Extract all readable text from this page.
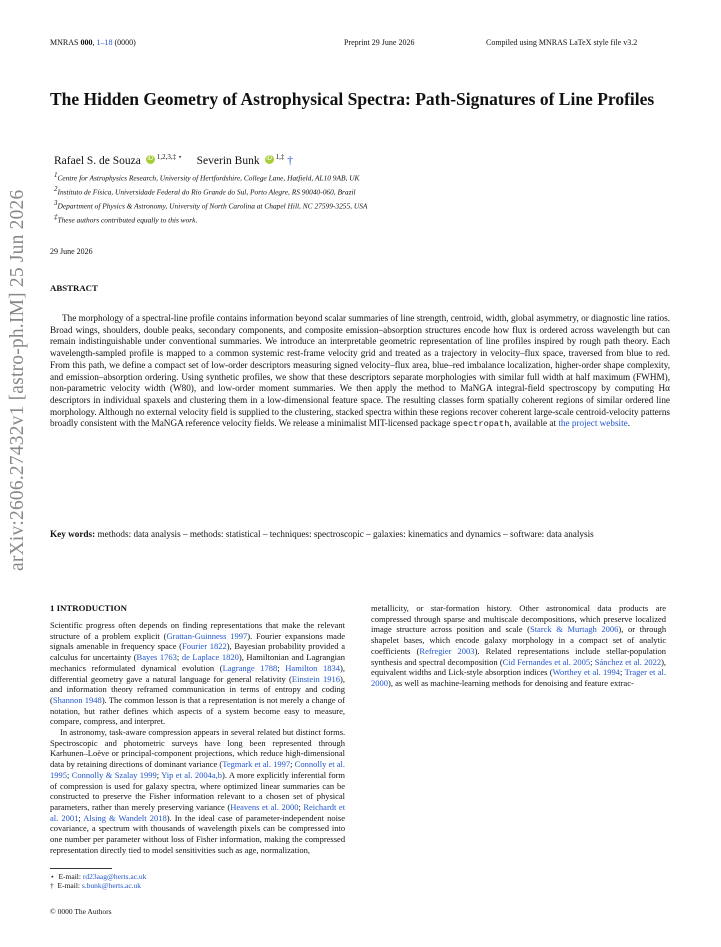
MNRAS 000, 1–18 (0000)	Preprint 29 June 2026	Compiled using MNRAS LaTeX style file v3.2
arXiv:2606.27432v1 [astro-ph.IM] 25 Jun 2026
The Hidden Geometry of Astrophysical Spectra: Path-Signatures of Line Profiles
Rafael S. de Souza iD $^{1,2,3,\ddagger ⋆}$ Severin Bunk iD $^{1,\ddagger}$ †
$^1$Centre for Astrophysics Research, University of Hertfordshire, College Lane, Hatfield, AL10 9AB, UK
$^2$Instituto de Física, Universidade Federal do Rio Grande do Sul, Porto Alegre, RS 90040-060, Brazil
$^3$Department of Physics & Astronomy, University of North Carolina at Chapel Hill, NC 27599-3255, USA
‡These authors contributed equally to this work.
29 June 2026
ABSTRACT

The morphology of a spectral-line profile contains information beyond scalar summaries of line strength, centroid, width, global asymmetry, or diagnostic line ratios. Broad wings, shoulders, double peaks, secondary components, and composite emission–absorption structures encode how flux is ordered across wavelength but can remain indistinguishable under conventional summaries. We introduce an interpretable geometric representation of line profiles inspired by rough path theory. Each wavelength-sampled profile is mapped to a common systemic rest-frame velocity grid and treated as a trajectory in velocity–flux space, traversed from blue to red. From this path, we define a compact set of low-order descriptors measuring signed velocity–flux area, blue–red imbalance localization, higher-order shape complexity, and emission–absorption ordering. Using synthetic profiles, we show that these descriptors separate morphologies with similar full width at half maximum (FWHM), non-parametric velocity width (W80), and low-order moment summaries. We then apply the method to MaNGA integral-field spectroscopy by computing Hα descriptors in individual spaxels and clustering them in a low-dimensional feature space. The resulting classes form spatially coherent regions of similar ordered line morphology. Although no external velocity field is supplied to the clustering, stacked spectra within these regions recover coherent large-scale centroid-velocity patterns broadly consistent with the MaNGA reference velocity fields. We release a minimalist MIT-licensed package spectropath, available at the project website.

Key words: methods: data analysis – methods: statistical – techniques: spectroscopic – galaxies: kinematics and dynamics – software: data analysis

1 INTRODUCTION

Scientific progress often depends on finding representations that make the relevant structure of a problem explicit (Grattan-Guinness 1997). Fourier expansions made signals amenable in frequency space (Fourier 1822), Bayesian probability provided a calculus for uncertainty (Bayes 1763; de Laplace 1820), Hamiltonian and Lagrangian mechanics reformulated dynamical evolution (Lagrange 1788; Hamilton 1834), differential geometry gave a natural language for general relativity (Einstein 1916), and information theory reframed communication in terms of entropy and coding (Shannon 1948). The common lesson is that a representation is not merely a change of notation, but rather defines which aspects of a system become easy to measure, compare, compress, and interpret.

In astronomy, task-aware compression appears in several related but distinct forms. Spectroscopic and photometric surveys have long been represented through Karhunen–Loève or principal-component projections, which reduce high-dimensional data by retaining directions of dominant variance (Tegmark et al. 1997; Connolly et al. 1995; Connolly & Szalay 1999; Yip et al. 2004a,b). A more explicitly inferential form of compression is used for galaxy spectra, where optimized linear summaries can be constructed to preserve the Fisher information relevant to a chosen set of physical parameters, rather than merely preserving variance (Heavens et al. 2000; Reichardt et al. 2001; Alsing & Wandelt 2018). In the ideal case of parameter-independent noise covariance, a spectrum with thousands of wavelength pixels can be compressed into one number per parameter without loss of Fisher information, making the compressed representation directly tied to model sensitivities such as age, normalization,

metallicity, or star-formation history. Other astronomical data products are compressed through sparse and multiscale decompositions, which preserve localized image structure across position and scale (Starck & Murtagh 2006), or through shapelet bases, which encode galaxy morphology in a compact set of analytic coefficients (Refregier 2003). Related representations include stellar-population synthesis and spectral decomposition (Cid Fernandes et al. 2005; Sánchez et al. 2022), equivalent widths and Lick-style absorption indices (Worthey et al. 1994; Trager et al. 2000), as well as machine-learning methods for denoising and feature extrac-

⋆ E-mail: rd23aag@herts.ac.uk
† E-mail: s.bunk@herts.ac.uk
© 0000 The Authors
